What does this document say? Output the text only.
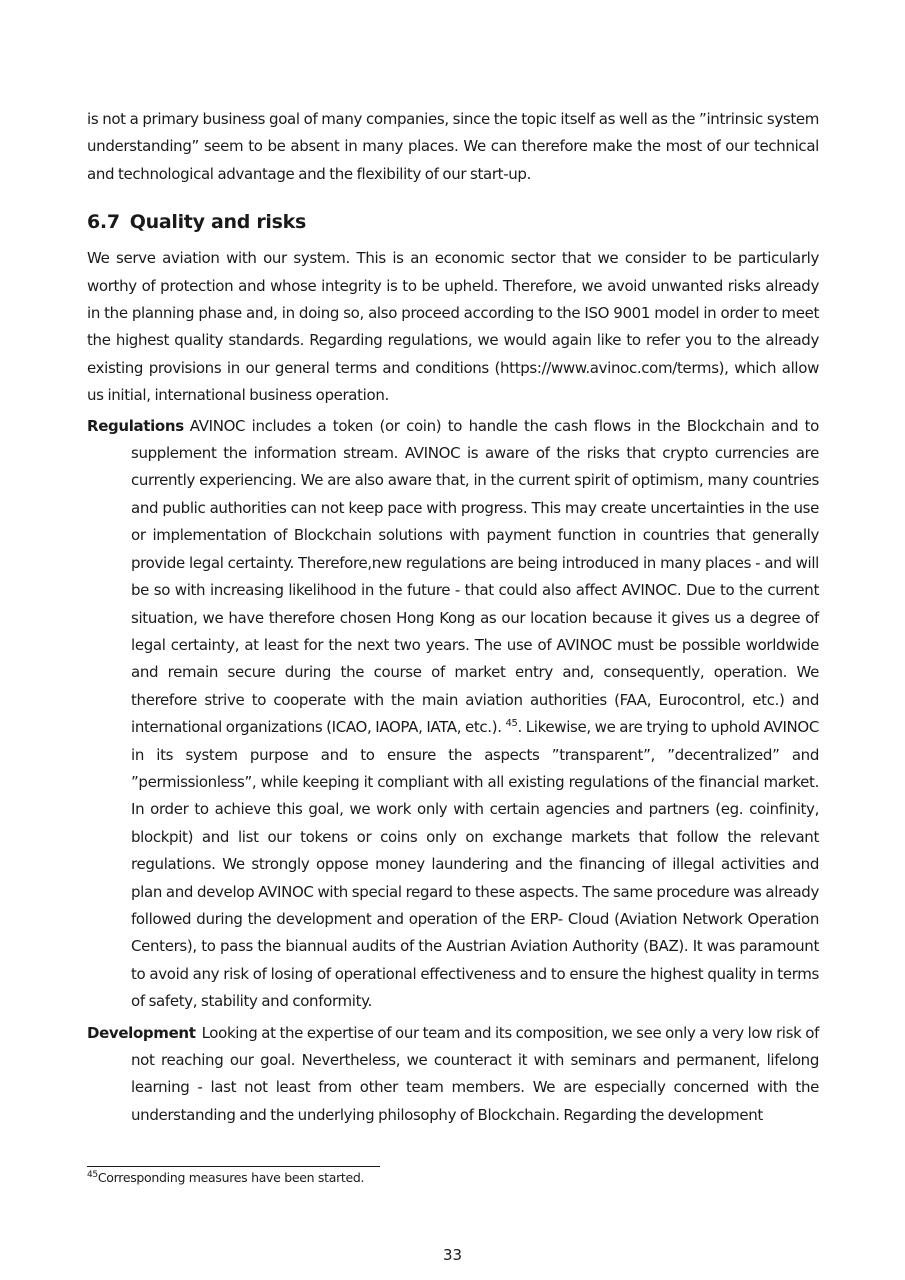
is not a primary business goal of many companies, since the topic itself as well as the ”intrinsic system understanding” seem to be absent in many places. We can therefore make the most of our technical and technological advantage and the flexibility of our start-up.

6.7 Quality and risks

We serve aviation with our system. This is an economic sector that we consider to be particularly worthy of protection and whose integrity is to be upheld. Therefore, we avoid unwanted risks already in the planning phase and, in doing so, also proceed according to the ISO 9001 model in order to meet the highest quality standards. Regarding regulations, we would again like to refer you to the already existing provisions in our general terms and conditions (https://www.avinoc.com/terms), which allow us initial, international business operation.

Regulations AVINOC includes a token (or coin) to handle the cash flows in the Blockchain and to supplement the information stream. AVINOC is aware of the risks that crypto currencies are currently experiencing. We are also aware that, in the current spirit of optimism, many countries and public authorities can not keep pace with progress. This may create uncertainties in the use or implementation of Blockchain solutions with payment function in countries that generally provide legal certainty. Therefore,new regulations are being introduced in many places - and will be so with increasing likelihood in the future - that could also affect AVINOC. Due to the current situation, we have therefore chosen Hong Kong as our location because it gives us a degree of legal certainty, at least for the next two years. The use of AVINOC must be possible worldwide and remain secure during the course of market entry and, consequently, operation. We therefore strive to cooperate with the main aviation authorities (FAA, Eurocontrol, etc.) and international organizations (ICAO, IAOPA, IATA, etc.). $^{45}$. Likewise, we are trying to uphold AVINOC in its system purpose and to ensure the aspects ”transparent”, ”decentralized” and ”permissionless”, while keeping it compliant with all existing regulations of the financial market. In order to achieve this goal, we work only with certain agencies and partners (eg. coinfinity, blockpit) and list our tokens or coins only on exchange markets that follow the relevant regulations. We strongly oppose money laundering and the financing of illegal activities and plan and develop AVINOC with special regard to these aspects. The same procedure was already followed during the development and operation of the ERP- Cloud (Aviation Network Operation Centers), to pass the biannual audits of the Austrian Aviation Authority (BAZ). It was paramount to avoid any risk of losing of operational effectiveness and to ensure the highest quality in terms of safety, stability and conformity.

Development Looking at the expertise of our team and its composition, we see only a very low risk of not reaching our goal. Nevertheless, we counteract it with seminars and permanent, lifelong learning - last not least from other team members. We are especially concerned with the understanding and the underlying philosophy of Blockchain. Regarding the development

$^{45}$Corresponding measures have been started.
33
